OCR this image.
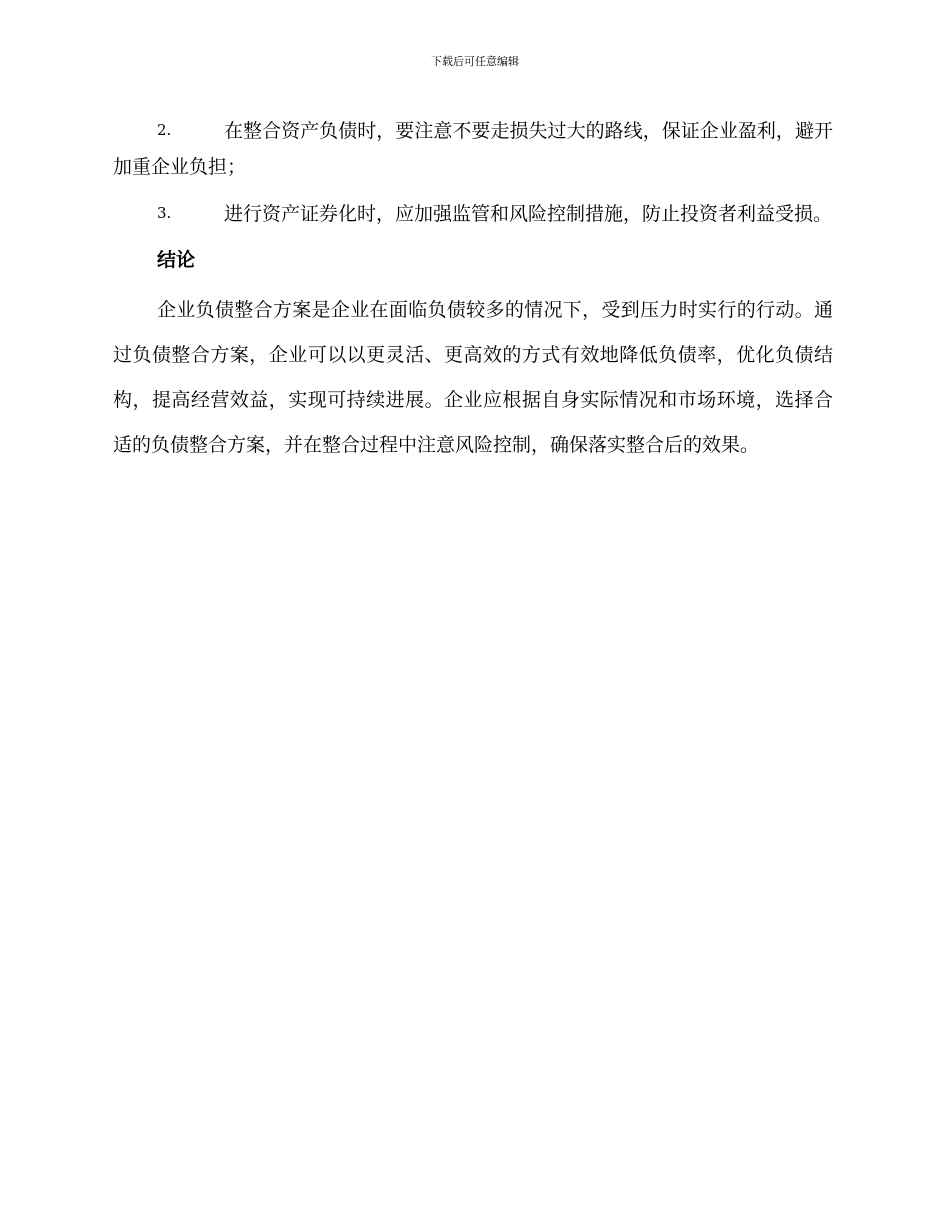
下载后可任意编辑

2.	在整合资产负债时，要注意不要走损失过大的路线，保证企业盈利，避开加重企业负担；

3.	进行资产证券化时，应加强监管和风险控制措施，防止投资者利益受损。

结论

企业负债整合方案是企业在面临负债较多的情况下，受到压力时实行的行动。通过负债整合方案，企业可以以更灵活、更高效的方式有效地降低负债率，优化负债结构，提高经营效益，实现可持续进展。企业应根据自身实际情况和市场环境，选择合适的负债整合方案，并在整合过程中注意风险控制，确保落实整合后的效果。
